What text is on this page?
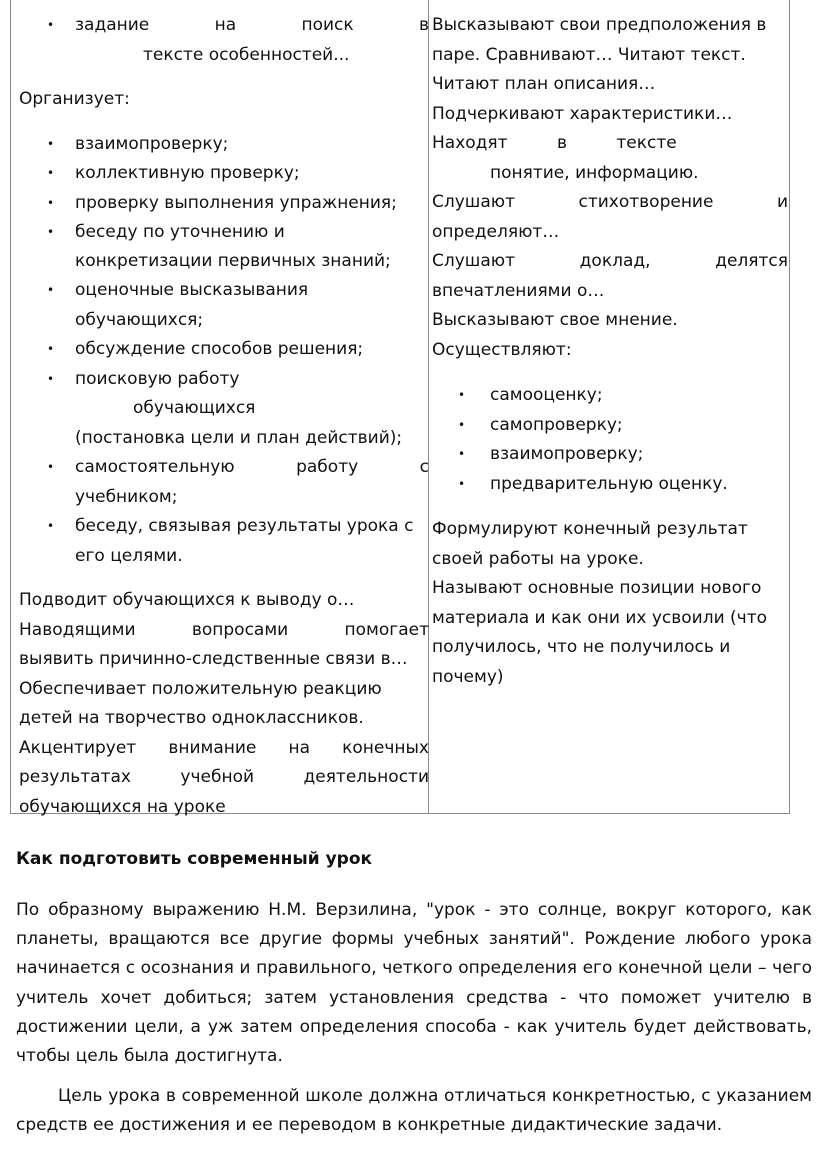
• задание на поиск в
тексте особенностей...
Организует:
• взаимопроверку;
• коллективную проверку;
• проверку выполнения упражнения;
• беседу по уточнению и
конкретизации первичных знаний;
• оценочные высказывания
обучающихся;
• обсуждение способов решения;
• поисковую работу
обучающихся
(постановка цели и план действий);
• самостоятельную работу с
учебником;
• беседу, связывая результаты урока с
его целями.
Подводит обучающихся к выводу о…
Наводящими вопросами помогает
выявить причинно-следственные связи в…
Обеспечивает положительную реакцию
детей на творчество одноклассников.
Акцентирует внимание на конечных
результатах учебной деятельности
обучающихся на уроке
Высказывают свои предположения в
паре. Сравнивают… Читают текст.
Читают план описания…
Подчеркивают характеристики…
Находят в тексте
понятие, информацию.
Слушают стихотворение и
определяют…
Слушают доклад, делятся
впечатлениями о…
Высказывают свое мнение.
Осуществляют:
• самооценку;
• самопроверку;
• взаимопроверку;
• предварительную оценку.
Формулируют конечный результат
своей работы на уроке.
Называют основные позиции нового
материала и как они их усвоили (что
получилось, что не получилось и
почему)
Как подготовить современный урок
По образному выражению Н.М. Верзилина, "урок - это солнце, вокруг которого, как планеты, вращаются все другие формы учебных занятий". Рождение любого урока начинается с осознания и правильного, четкого определения его конечной цели – чего учитель хочет добиться; затем установления средства - что поможет учителю в достижении цели, а уж затем определения способа - как учитель будет действовать, чтобы цель была достигнута.
Цель урока в современной школе должна отличаться конкретностью, с указанием средств ее достижения и ее переводом в конкретные дидактические задачи.
